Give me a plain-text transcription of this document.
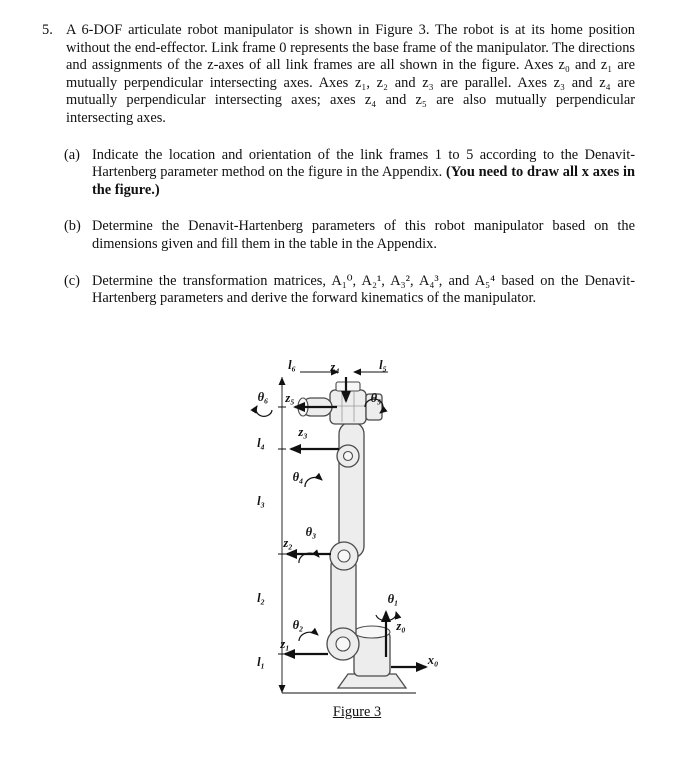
5. A 6-DOF articulate robot manipulator is shown in Figure 3. The robot is at its home position without the end-effector. Link frame 0 represents the base frame of the manipulator. The directions and assignments of the z-axes of all link frames are all shown in the figure. Axes z₀ and z₁ are mutually perpendicular intersecting axes. Axes z₁, z₂ and z₃ are parallel. Axes z₃ and z₄ are mutually perpendicular intersecting axes; axes z₄ and z₅ are also mutually perpendicular intersecting axes.
(a) Indicate the location and orientation of the link frames 1 to 5 according to the Denavit-Hartenberg parameter method on the figure in the Appendix. (You need to draw all x axes in the figure.)
(b) Determine the Denavit-Hartenberg parameters of this robot manipulator based on the dimensions given and fill them in the table in the Appendix.
(c) Determine the transformation matrices, A₁⁰, A₂¹, A₃², A₄³, and A₅⁴ based on the Denavit-Hartenberg parameters and derive the forward kinematics of the manipulator.
l₆	z₄	l₅
θ₅
θ₆ z₅
l₄
z₃
θ₄
l₃
θ₃
z₂
l₂
θ₂
z₁
l₁
θ₁
z₀
x₀
Figure 3
